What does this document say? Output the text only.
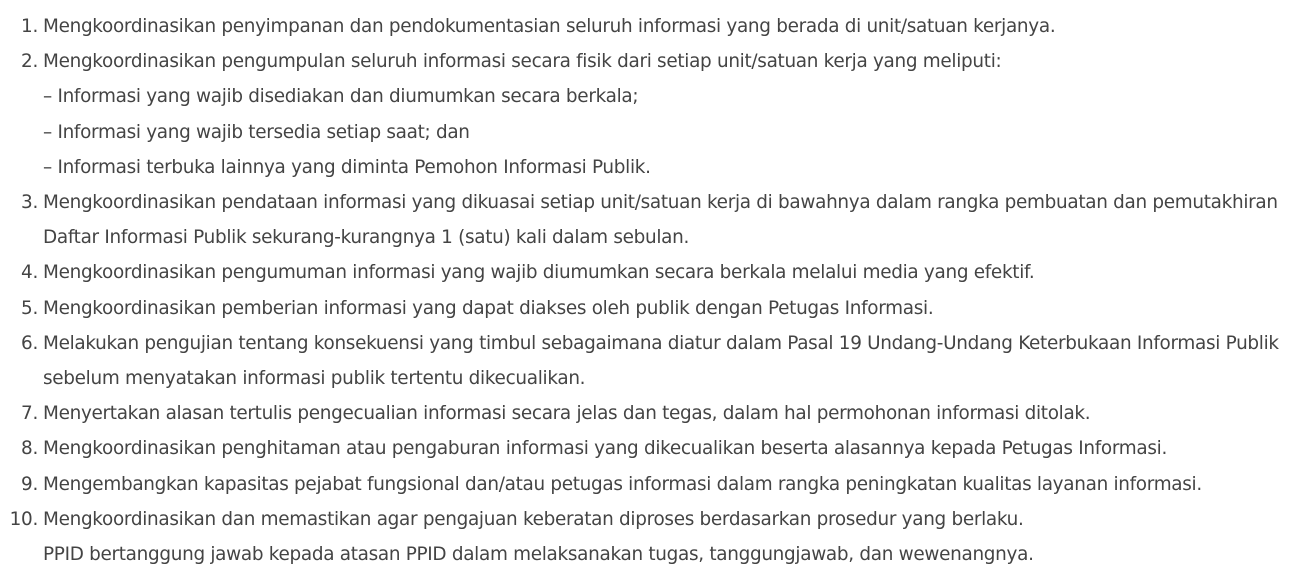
1. Mengkoordinasikan penyimpanan dan pendokumentasian seluruh informasi yang berada di unit/satuan kerjanya.
2. Mengkoordinasikan pengumpulan seluruh informasi secara fisik dari setiap unit/satuan kerja yang meliputi:
– Informasi yang wajib disediakan dan diumumkan secara berkala;
– Informasi yang wajib tersedia setiap saat; dan
– Informasi terbuka lainnya yang diminta Pemohon Informasi Publik.
3. Mengkoordinasikan pendataan informasi yang dikuasai setiap unit/satuan kerja di bawahnya dalam rangka pembuatan dan pemutakhiran
Daftar Informasi Publik sekurang-kurangnya 1 (satu) kali dalam sebulan.
4. Mengkoordinasikan pengumuman informasi yang wajib diumumkan secara berkala melalui media yang efektif.
5. Mengkoordinasikan pemberian informasi yang dapat diakses oleh publik dengan Petugas Informasi.
6. Melakukan pengujian tentang konsekuensi yang timbul sebagaimana diatur dalam Pasal 19 Undang-Undang Keterbukaan Informasi Publik
sebelum menyatakan informasi publik tertentu dikecualikan.
7. Menyertakan alasan tertulis pengecualian informasi secara jelas dan tegas, dalam hal permohonan informasi ditolak.
8. Mengkoordinasikan penghitaman atau pengaburan informasi yang dikecualikan beserta alasannya kepada Petugas Informasi.
9. Mengembangkan kapasitas pejabat fungsional dan/atau petugas informasi dalam rangka peningkatan kualitas layanan informasi.
10. Mengkoordinasikan dan memastikan agar pengajuan keberatan diproses berdasarkan prosedur yang berlaku.
PPID bertanggung jawab kepada atasan PPID dalam melaksanakan tugas, tanggungjawab, dan wewenangnya.
